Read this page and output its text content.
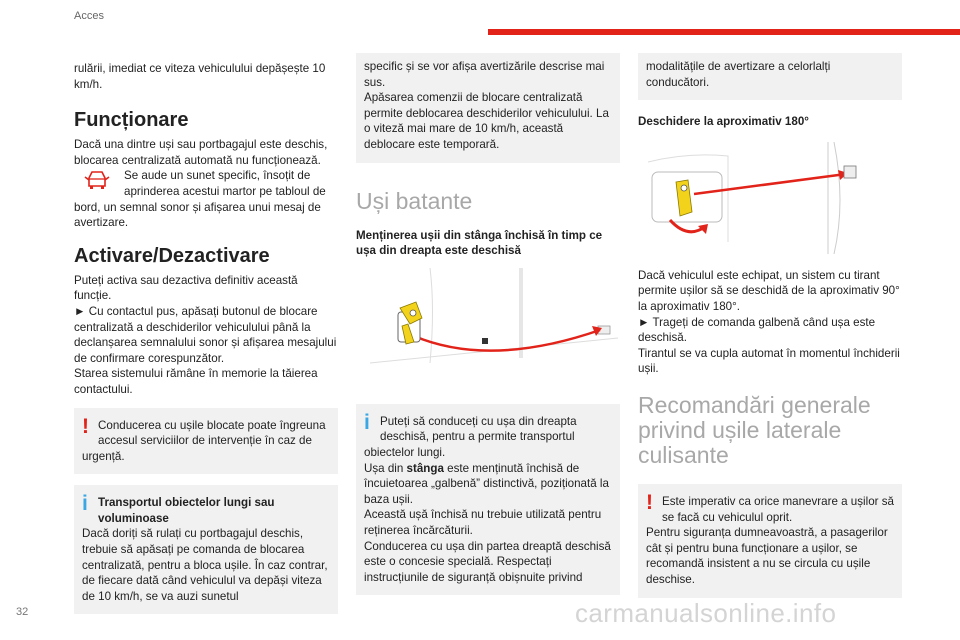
Acces

rulării, imediat ce viteza vehiculului depășește 10 km/h.

Funcționare

Dacă una dintre uși sau portbagajul este deschis, blocarea centralizată automată nu funcționează.

Se aude un sunet specific, însoțit de aprinderea acestui martor pe tabloul de bord, un semnal sonor și afișarea unui mesaj de avertizare.

Activare/Dezactivare

Puteți activa sau dezactiva definitiv această funcție.

► Cu contactul pus, apăsați butonul de blocare centralizată a deschiderilor vehiculului până la declanșarea semnalului sonor și afișarea mesajului de confirmare corespunzător.

Starea sistemului rămâne în memorie la tăierea contactului.

! Conducerea cu ușile blocate poate îngreuna accesul serviciilor de intervenție în caz de urgență.

i Transportul obiectelor lungi sau voluminoase

Dacă doriți să rulați cu portbagajul deschis, trebuie să apăsați pe comanda de blocarea centralizată, pentru a bloca ușile. În caz contrar, de fiecare dată când vehiculul va depăși viteza de 10 km/h, se va auzi sunetul

specific și se vor afișa avertizările descrise mai sus.

Apăsarea comenzii de blocare centralizată permite deblocarea deschiderilor vehiculului. La o viteză mai mare de 10 km/h, această deblocare este temporară.

Uși batante

Menținerea ușii din stânga închisă în timp ce ușa din dreapta este deschisă

i Puteți să conduceți cu ușa din dreapta deschisă, pentru a permite transportul obiectelor lungi.

Ușa din stânga este menținută închisă de încuietoarea „galbenă” distinctivă, poziționată la baza ușii.

Această ușă închisă nu trebuie utilizată pentru reținerea încărcăturii.

Conducerea cu ușa din partea dreaptă deschisă este o concesie specială. Respectați instrucțiunile de siguranță obișnuite privind

modalitățile de avertizare a celorlalți conducători.

Deschidere la aproximativ 180°

Dacă vehiculul este echipat, un sistem cu tirant permite ușilor să se deschidă de la aproximativ 90° la aproximativ 180°.

► Trageți de comanda galbenă când ușa este deschisă.

Tirantul se va cupla automat în momentul închiderii ușii.

Recomandări generale privind ușile laterale culisante
! Este imperativ ca orice manevrare a ușilor să se facă cu vehiculul oprit.

Pentru siguranța dumneavoastră, a pasagerilor cât și pentru buna funcționare a ușilor, se recomandă insistent a nu se circula cu ușile deschise.

32	carmanualsonline.info
